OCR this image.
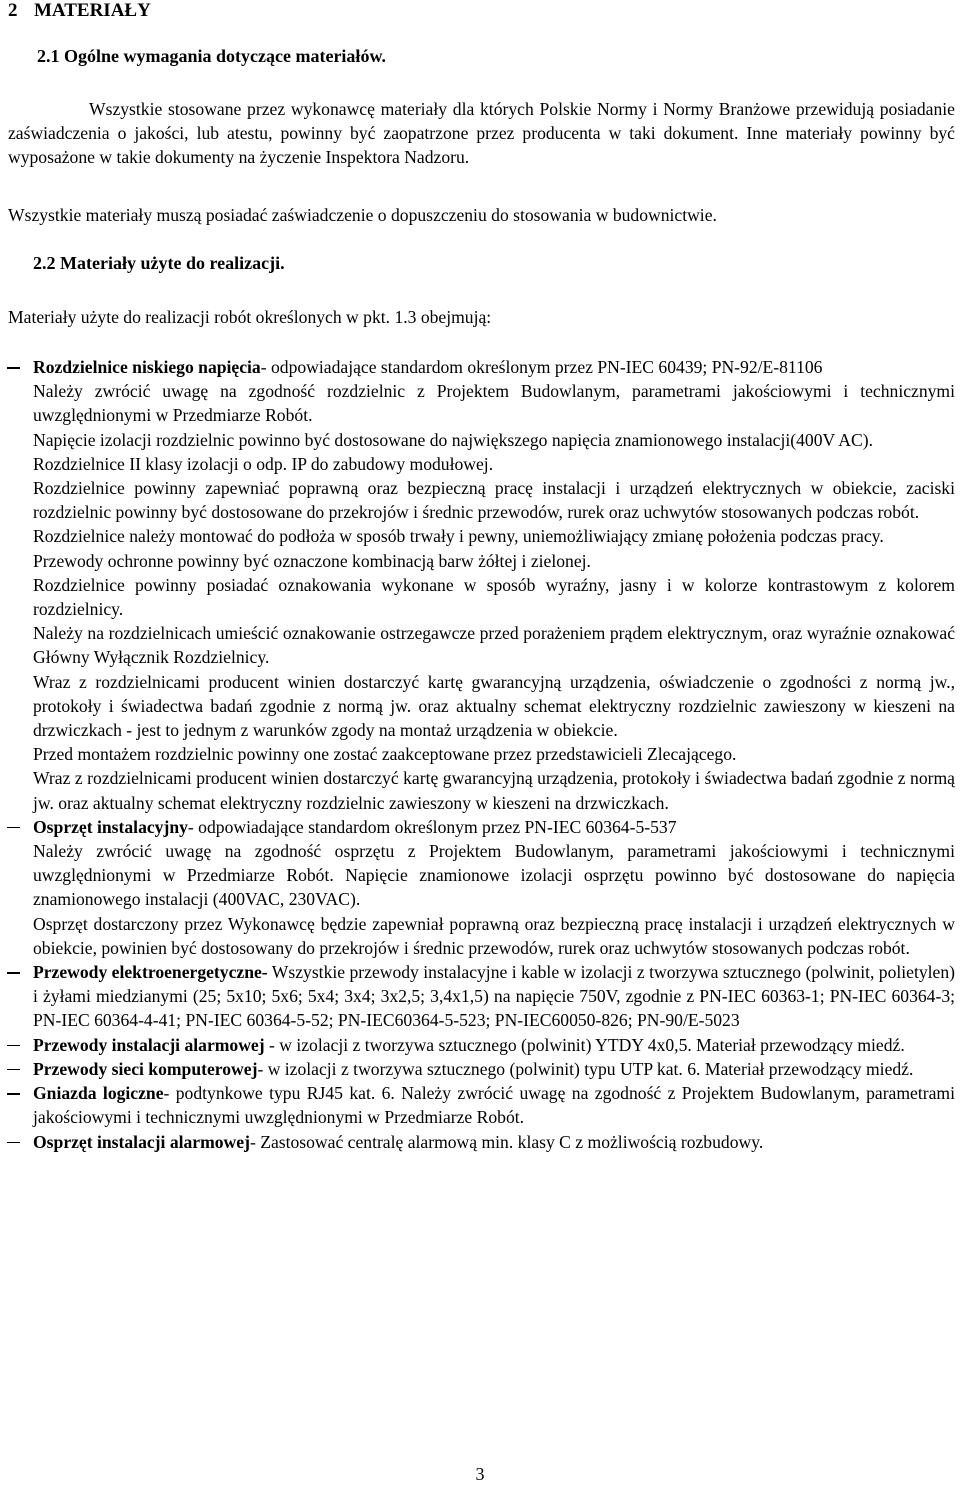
2 MATERIAŁY
2.1 Ogólne wymagania dotyczące materiałów.
Wszystkie stosowane przez wykonawcę materiały dla których Polskie Normy i Normy Branżowe przewidują posiadanie zaświadczenia o jakości, lub atestu, powinny być zaopatrzone przez producenta w taki dokument. Inne materiały powinny być wyposażone w takie dokumenty na życzenie Inspektora Nadzoru.
Wszystkie materiały muszą posiadać zaświadczenie o dopuszczeniu do stosowania w budownictwie.
2.2 Materiały użyte do realizacji.
Materiały użyte do realizacji robót określonych w pkt. 1.3 obejmują:
Rozdzielnice niskiego napięcia- odpowiadające standardom określonym przez PN-IEC 60439; PN-92/E-81106
Należy zwrócić uwagę na zgodność rozdzielnic z Projektem Budowlanym, parametrami jakościowymi i technicznymi uwzględnionymi w Przedmiarze Robót.
Napięcie izolacji rozdzielnic powinno być dostosowane do największego napięcia znamionowego instalacji(400V AC).
Rozdzielnice II klasy izolacji o odp. IP do zabudowy modułowej.
Rozdzielnice powinny zapewniać poprawną oraz bezpieczną pracę instalacji i urządzeń elektrycznych w obiekcie, zaciski rozdzielnic powinny być dostosowane do przekrojów i średnic przewodów, rurek oraz uchwytów stosowanych podczas robót.
Rozdzielnice należy montować do podłoża w sposób trwały i pewny, uniemożliwiający zmianę położenia podczas pracy.
Przewody ochronne powinny być oznaczone kombinacją barw żółtej i zielonej.
Rozdzielnice powinny posiadać oznakowania wykonane w sposób wyraźny, jasny i w kolorze kontrastowym z kolorem rozdzielnicy.
Należy na rozdzielnicach umieścić oznakowanie ostrzegawcze przed porażeniem prądem elektrycznym, oraz wyraźnie oznakować Główny Wyłącznik Rozdzielnicy.
Wraz z rozdzielnicami producent winien dostarczyć kartę gwarancyjną urządzenia, oświadczenie o zgodności z normą jw., protokoły i świadectwa badań zgodnie z normą jw. oraz aktualny schemat elektryczny rozdzielnic zawieszony w kieszeni na drzwiczkach - jest to jednym z warunków zgody na montaż urządzenia w obiekcie.
Przed montażem rozdzielnic powinny one zostać zaakceptowane przez przedstawicieli Zlecającego.
Wraz z rozdzielnicami producent winien dostarczyć kartę gwarancyjną urządzenia, protokoły i świadectwa badań zgodnie z normą jw. oraz aktualny schemat elektryczny rozdzielnic zawieszony w kieszeni na drzwiczkach.
Osprzęt instalacyjny- odpowiadające standardom określonym przez PN-IEC 60364-5-537
Należy zwrócić uwagę na zgodność osprzętu z Projektem Budowlanym, parametrami jakościowymi i technicznymi uwzględnionymi w Przedmiarze Robót. Napięcie znamionowe izolacji osprzętu powinno być dostosowane do napięcia znamionowego instalacji (400VAC, 230VAC).
Osprzęt dostarczony przez Wykonawcę będzie zapewniał poprawną oraz bezpieczną pracę instalacji i urządzeń elektrycznych w obiekcie, powinien być dostosowany do przekrojów i średnic przewodów, rurek oraz uchwytów stosowanych podczas robót.
Przewody elektroenergetyczne- Wszystkie przewody instalacyjne i kable w izolacji z tworzywa sztucznego (polwinit, polietylen) i żyłami miedzianymi (25; 5x10; 5x6; 5x4; 3x4; 3x2,5; 3,4x1,5) na napięcie 750V, zgodnie z PN-IEC 60363-1; PN-IEC 60364-3; PN-IEC 60364-4-41; PN-IEC 60364-5-52; PN-IEC60364-5-523; PN-IEC60050-826; PN-90/E-5023
Przewody instalacji alarmowej - w izolacji z tworzywa sztucznego (polwinit) YTDY 4x0,5. Materiał przewodzący miedź.
Przewody sieci komputerowej- w izolacji z tworzywa sztucznego (polwinit) typu UTP kat. 6. Materiał przewodzący miedź.
Gniazda logiczne- podtynkowe typu RJ45 kat. 6. Należy zwrócić uwagę na zgodność z Projektem Budowlanym, parametrami jakościowymi i technicznymi uwzględnionymi w Przedmiarze Robót.
Osprzęt instalacji alarmowej- Zastosować centralę alarmową min. klasy C z możliwością rozbudowy.
3
